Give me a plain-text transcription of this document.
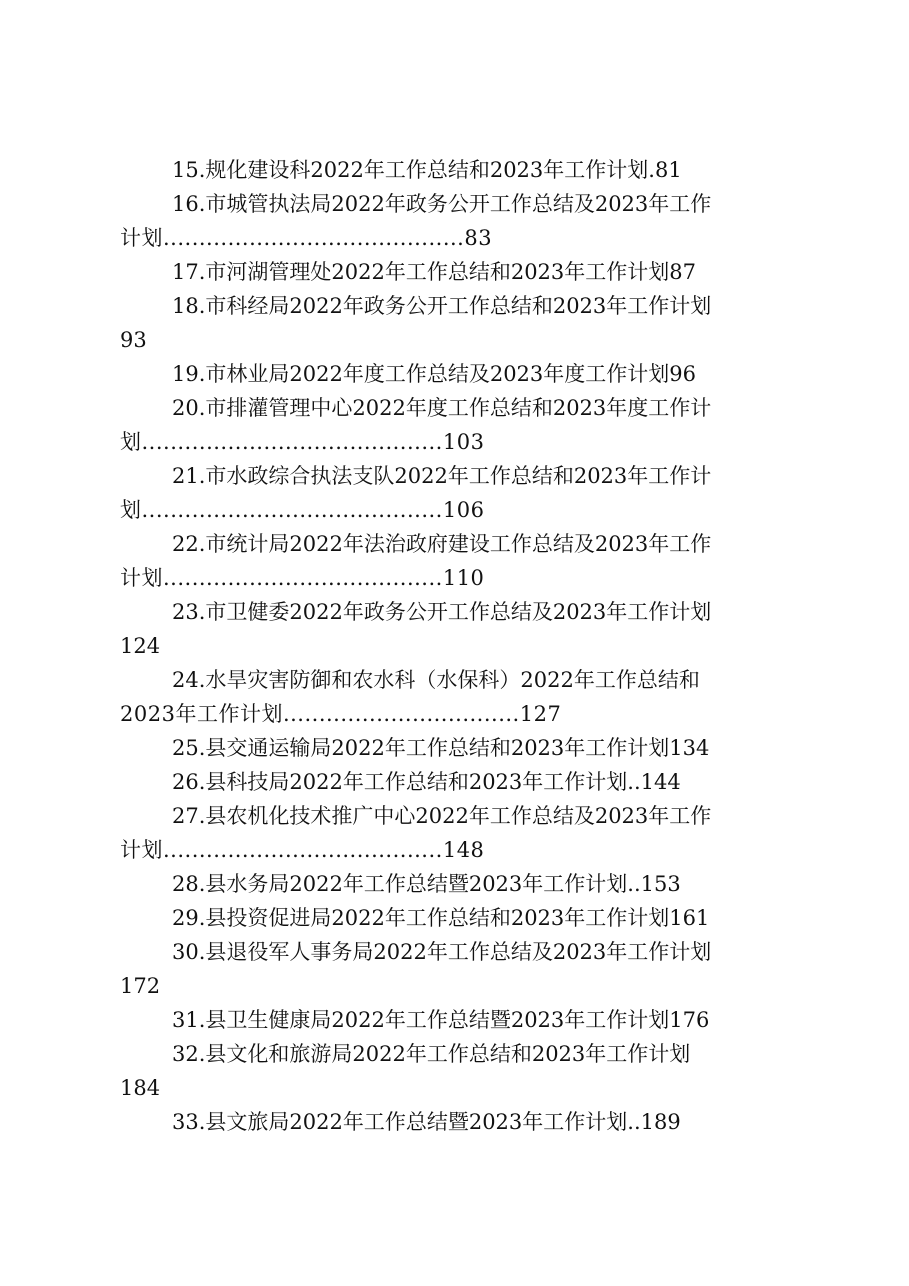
15.规化建设科2022年工作总结和2023年工作计划.81
16.市城管执法局2022年政务公开工作总结及2023年工作
计划..........................................83
17.市河湖管理处2022年工作总结和2023年工作计划87
18.市科经局2022年政务公开工作总结和2023年工作计划
93
19.市林业局2022年度工作总结及2023年度工作计划96
20.市排灌管理中心2022年度工作总结和2023年度工作计
划..........................................103
21.市水政综合执法支队2022年工作总结和2023年工作计
划..........................................106
22.市统计局2022年法治政府建设工作总结及2023年工作
计划.......................................110
23.市卫健委2022年政务公开工作总结及2023年工作计划
124
24.水旱灾害防御和农水科（水保科）2022年工作总结和
2023年工作计划.................................127
25.县交通运输局2022年工作总结和2023年工作计划134
26.县科技局2022年工作总结和2023年工作计划..144
27.县农机化技术推广中心2022年工作总结及2023年工作
计划.......................................148
28.县水务局2022年工作总结暨2023年工作计划..153
29.县投资促进局2022年工作总结和2023年工作计划161
30.县退役军人事务局2022年工作总结及2023年工作计划
172
31.县卫生健康局2022年工作总结暨2023年工作计划176
32.县文化和旅游局2022年工作总结和2023年工作计划
184
33.县文旅局2022年工作总结暨2023年工作计划..189
